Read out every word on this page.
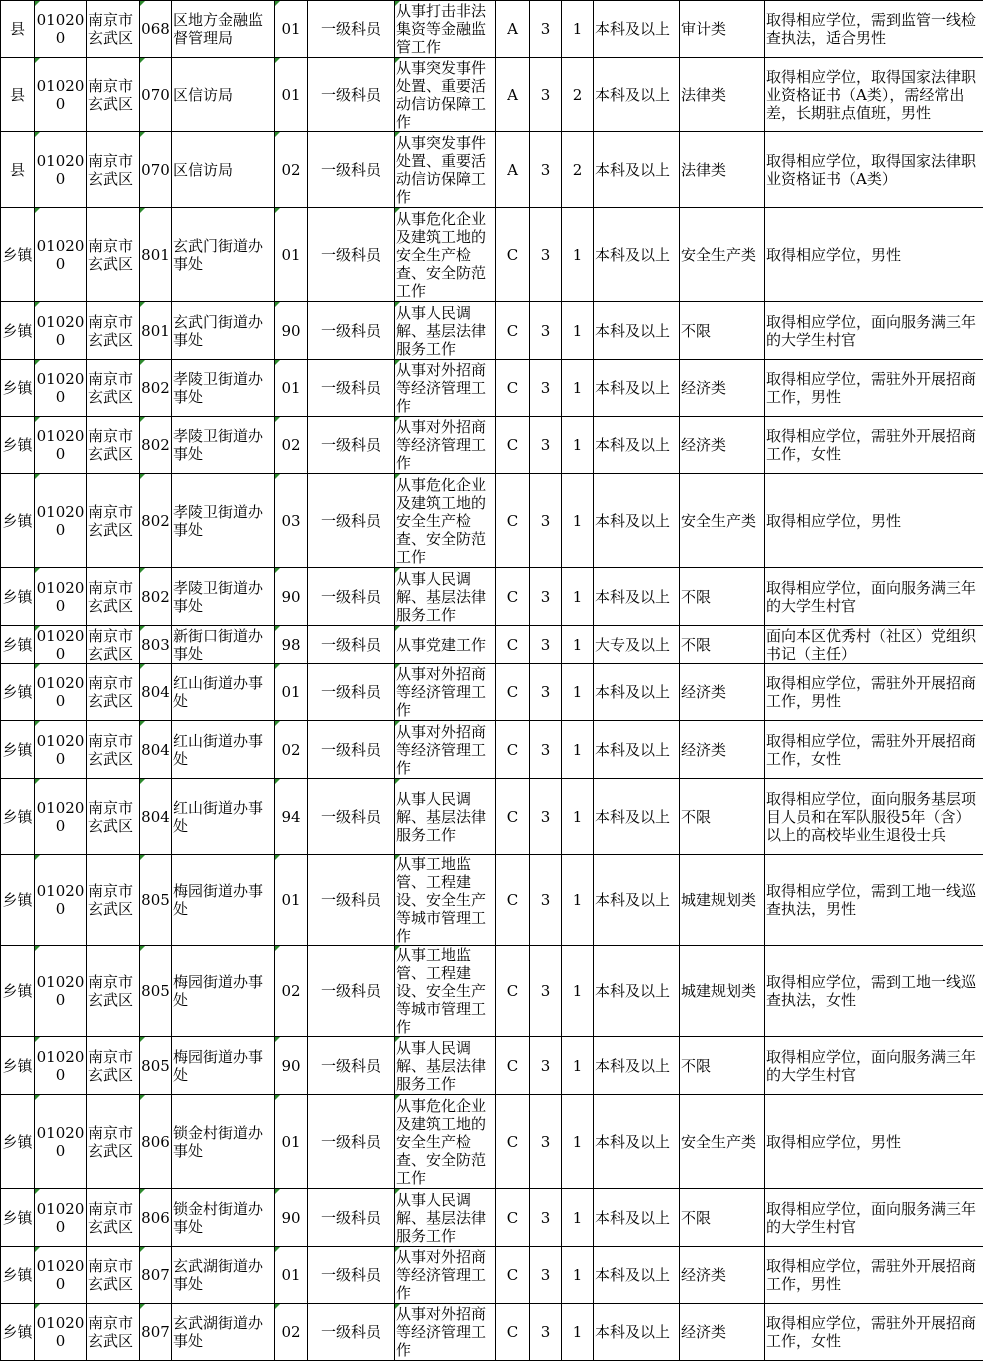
县	010200	南京市玄武区	068	区地方金融监督管理局	01	一级科员	从事打击非法集资等金融监管工作	A	3	1	本科及以上	审计类	取得相应学位，需到监管一线检查执法，适合男性
县	010200	南京市玄武区	070	区信访局	01	一级科员	从事突发事件处置、重要活动信访保障工作	A	3	2	本科及以上	法律类	取得相应学位，取得国家法律职业资格证书（A类），需经常出差，长期驻点值班，男性
县	010200	南京市玄武区	070	区信访局	02	一级科员	从事突发事件处置、重要活动信访保障工作	A	3	2	本科及以上	法律类	取得相应学位，取得国家法律职业资格证书（A类）
乡镇	010200	南京市玄武区	801	玄武门街道办事处	01	一级科员	从事危化企业及建筑工地的安全生产检查、安全防范工作	C	3	1	本科及以上	安全生产类	取得相应学位，男性
乡镇	010200	南京市玄武区	801	玄武门街道办事处	90	一级科员	从事人民调解、基层法律服务工作	C	3	1	本科及以上	不限	取得相应学位，面向服务满三年的大学生村官
乡镇	010200	南京市玄武区	802	孝陵卫街道办事处	01	一级科员	从事对外招商等经济管理工作	C	3	1	本科及以上	经济类	取得相应学位，需驻外开展招商工作，男性
乡镇	010200	南京市玄武区	802	孝陵卫街道办事处	02	一级科员	从事对外招商等经济管理工作	C	3	1	本科及以上	经济类	取得相应学位，需驻外开展招商工作，女性
乡镇	010200	南京市玄武区	802	孝陵卫街道办事处	03	一级科员	从事危化企业及建筑工地的安全生产检查、安全防范工作	C	3	1	本科及以上	安全生产类	取得相应学位，男性
乡镇	010200	南京市玄武区	802	孝陵卫街道办事处	90	一级科员	从事人民调解、基层法律服务工作	C	3	1	本科及以上	不限	取得相应学位，面向服务满三年的大学生村官
乡镇	010200	南京市玄武区	803	新街口街道办事处	98	一级科员	从事党建工作	C	3	1	大专及以上	不限	面向本区优秀村（社区）党组织书记（主任）
乡镇	010200	南京市玄武区	804	红山街道办事处	01	一级科员	从事对外招商等经济管理工作	C	3	1	本科及以上	经济类	取得相应学位，需驻外开展招商工作，男性
乡镇	010200	南京市玄武区	804	红山街道办事处	02	一级科员	从事对外招商等经济管理工作	C	3	1	本科及以上	经济类	取得相应学位，需驻外开展招商工作，女性
乡镇	010200	南京市玄武区	804	红山街道办事处	94	一级科员	从事人民调解、基层法律服务工作	C	3	1	本科及以上	不限	取得相应学位，面向服务基层项目人员和在军队服役5年（含）以上的高校毕业生退役士兵
乡镇	010200	南京市玄武区	805	梅园街道办事处	01	一级科员	从事工地监管、工程建设、安全生产等城市管理工作	C	3	1	本科及以上	城建规划类	取得相应学位，需到工地一线巡查执法，男性
乡镇	010200	南京市玄武区	805	梅园街道办事处	02	一级科员	从事工地监管、工程建设、安全生产等城市管理工作	C	3	1	本科及以上	城建规划类	取得相应学位，需到工地一线巡查执法，女性
乡镇	010200	南京市玄武区	805	梅园街道办事处	90	一级科员	从事人民调解、基层法律服务工作	C	3	1	本科及以上	不限	取得相应学位，面向服务满三年的大学生村官
乡镇	010200	南京市玄武区	806	锁金村街道办事处	01	一级科员	从事危化企业及建筑工地的安全生产检查、安全防范工作	C	3	1	本科及以上	安全生产类	取得相应学位，男性
乡镇	010200	南京市玄武区	806	锁金村街道办事处	90	一级科员	从事人民调解、基层法律服务工作	C	3	1	本科及以上	不限	取得相应学位，面向服务满三年的大学生村官
乡镇	010200	南京市玄武区	807	玄武湖街道办事处	01	一级科员	从事对外招商等经济管理工作	C	3	1	本科及以上	经济类	取得相应学位，需驻外开展招商工作，男性
乡镇	010200	南京市玄武区	807	玄武湖街道办事处	02	一级科员	从事对外招商等经济管理工作	C	3	1	本科及以上	经济类	取得相应学位，需驻外开展招商工作，女性
